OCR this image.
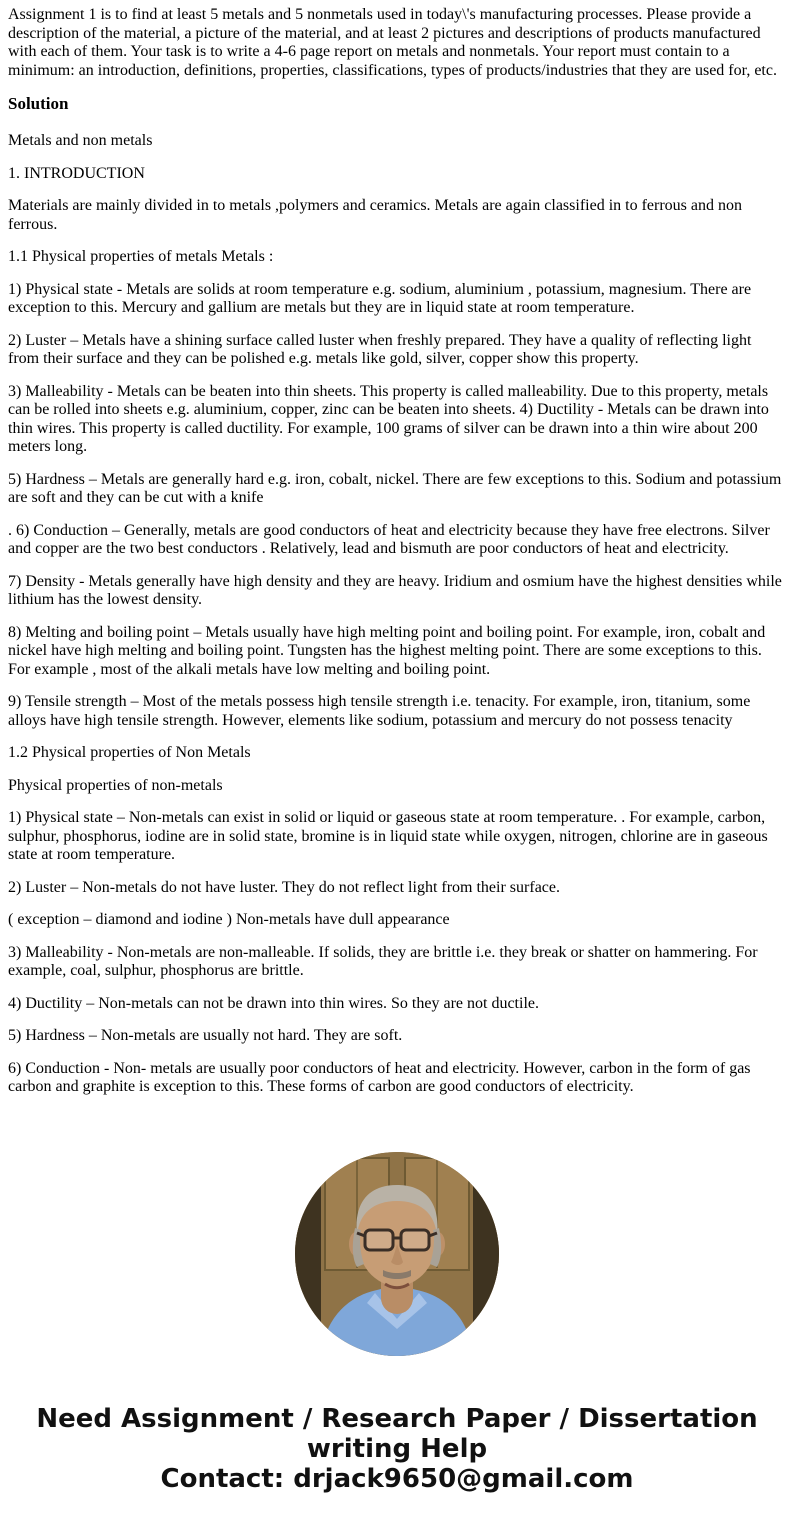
Assignment 1 is to find at least 5 metals and 5 nonmetals used in today\'s manufacturing processes. Please provide a description of the material, a picture of the material, and at least 2 pictures and descriptions of products manufactured with each of them. Your task is to write a 4-6 page report on metals and nonmetals. Your report must contain to a minimum: an introduction, definitions, properties, classifications, types of products/industries that they are used for, etc.

Solution

Metals and non metals

1. INTRODUCTION

Materials are mainly divided in to metals ,polymers and ceramics. Metals are again classified in to ferrous and non ferrous.

1.1 Physical properties of metals Metals :

1) Physical state - Metals are solids at room temperature e.g. sodium, aluminium , potassium, magnesium. There are exception to this. Mercury and gallium are metals but they are in liquid state at room temperature.

2) Luster – Metals have a shining surface called luster when freshly prepared. They have a quality of reflecting light from their surface and they can be polished e.g. metals like gold, silver, copper show this property.

3) Malleability - Metals can be beaten into thin sheets. This property is called malleability. Due to this property, metals can be rolled into sheets e.g. aluminium, copper, zinc can be beaten into sheets. 4) Ductility - Metals can be drawn into thin wires. This property is called ductility. For example, 100 grams of silver can be drawn into a thin wire about 200 meters long.

5) Hardness – Metals are generally hard e.g. iron, cobalt, nickel. There are few exceptions to this. Sodium and potassium are soft and they can be cut with a knife

. 6) Conduction – Generally, metals are good conductors of heat and electricity because they have free electrons. Silver and copper are the two best conductors . Relatively, lead and bismuth are poor conductors of heat and electricity.

7) Density - Metals generally have high density and they are heavy. Iridium and osmium have the highest densities while lithium has the lowest density.

8) Melting and boiling point – Metals usually have high melting point and boiling point. For example, iron, cobalt and nickel have high melting and boiling point. Tungsten has the highest melting point. There are some exceptions to this. For example , most of the alkali metals have low melting and boiling point.

9) Tensile strength – Most of the metals possess high tensile strength i.e. tenacity. For example, iron, titanium, some alloys have high tensile strength. However, elements like sodium, potassium and mercury do not possess tenacity

1.2 Physical properties of Non Metals

Physical properties of non-metals

1) Physical state – Non-metals can exist in solid or liquid or gaseous state at room temperature. . For example, carbon, sulphur, phosphorus, iodine are in solid state, bromine is in liquid state while oxygen, nitrogen, chlorine are in gaseous state at room temperature.

2) Luster – Non-metals do not have luster. They do not reflect light from their surface.

( exception – diamond and iodine ) Non-metals have dull appearance

3) Malleability - Non-metals are non-malleable. If solids, they are brittle i.e. they break or shatter on hammering. For example, coal, sulphur, phosphorus are brittle.

4) Ductility – Non-metals can not be drawn into thin wires. So they are not ductile.

5) Hardness – Non-metals are usually not hard. They are soft.

6) Conduction - Non- metals are usually poor conductors of heat and electricity. However, carbon in the form of gas carbon and graphite is exception to this. These forms of carbon are good conductors of electricity.

Need Assignment / Research Paper / Dissertation writing Help
Contact: drjack9650@gmail.com
